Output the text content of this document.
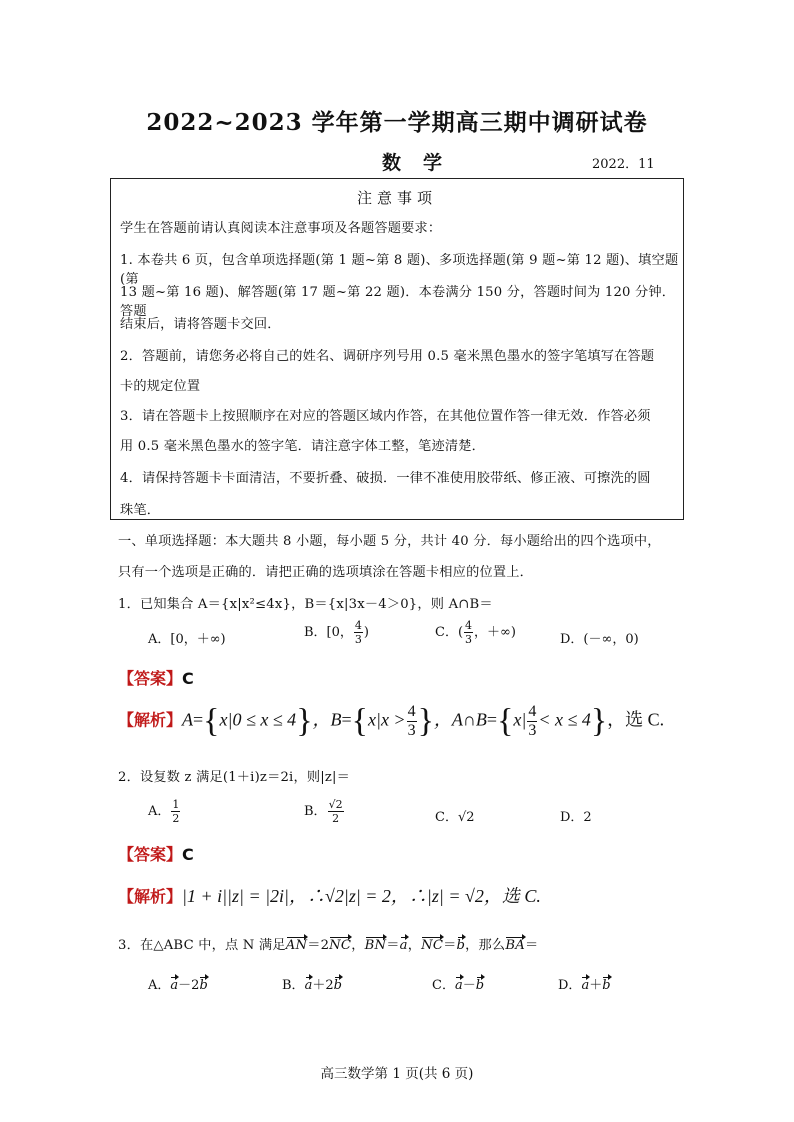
2022~2023 学年第一学期高三期中调研试卷
数学	2022．11
注意事项
学生在答题前请认真阅读本注意事项及各题答题要求：
1. 本卷共 6 页，包含单项选择题(第 1 题~第 8 题)、多项选择题(第 9 题~第 12 题)、填空题(第
13 题~第 16 题)、解答题(第 17 题~第 22 题)．本卷满分 150 分，答题时间为 120 分钟．答题
结束后，请将答题卡交回．
2．答题前，请您务必将自己的姓名、调研序列号用 0.5 毫米黑色墨水的签字笔填写在答题
卡的规定位置
3．请在答题卡上按照顺序在对应的答题区域内作答，在其他位置作答一律无效．作答必须
用 0.5 毫米黑色墨水的签字笔．请注意字体工整，笔迹清楚．
4．请保持答题卡卡面清洁，不要折叠、破损．一律不准使用胶带纸、修正液、可擦洗的圆
珠笔．
一、单项选择题：本大题共 8 小题，每小题 5 分，共计 40 分．每小题给出的四个选项中，
只有一个选项是正确的．请把正确的选项填涂在答题卡相应的位置上．
1．已知集合 A＝{x|x²≤4x}，B＝{x|3x－4＞0}，则 A∩B＝
A．[0，＋∞)	B．[0， $\frac{4}{3}$ )	C．( $\frac{4}{3}$ ，＋∞)	D．(－∞，0)
【答案】C
【解析】A={x|0 ≤ x ≤ 4}，$B=\{x|x > \frac{4}{3}$ }，A∩B={x| $\frac{4}{3} < x \le 4$}，选 C.
2．设复数 z 满足(1＋i)z＝2i，则|z|＝
A． $\frac{1}{2}$	B． $\frac{√2}{2}$	C．√2	D．2
【答案】C
【解析】|1 + i||z| = |2i|，∴√2|z| = 2，∴|z| = √2，选 C.
3．在△ABC 中，点 N 满足AN＝2NC，BN＝a，NC＝b，那么BA＝
A．a－2b	B．a＋2b	C．a－b	D．a＋b
高三数学第 1 页(共 6 页)
